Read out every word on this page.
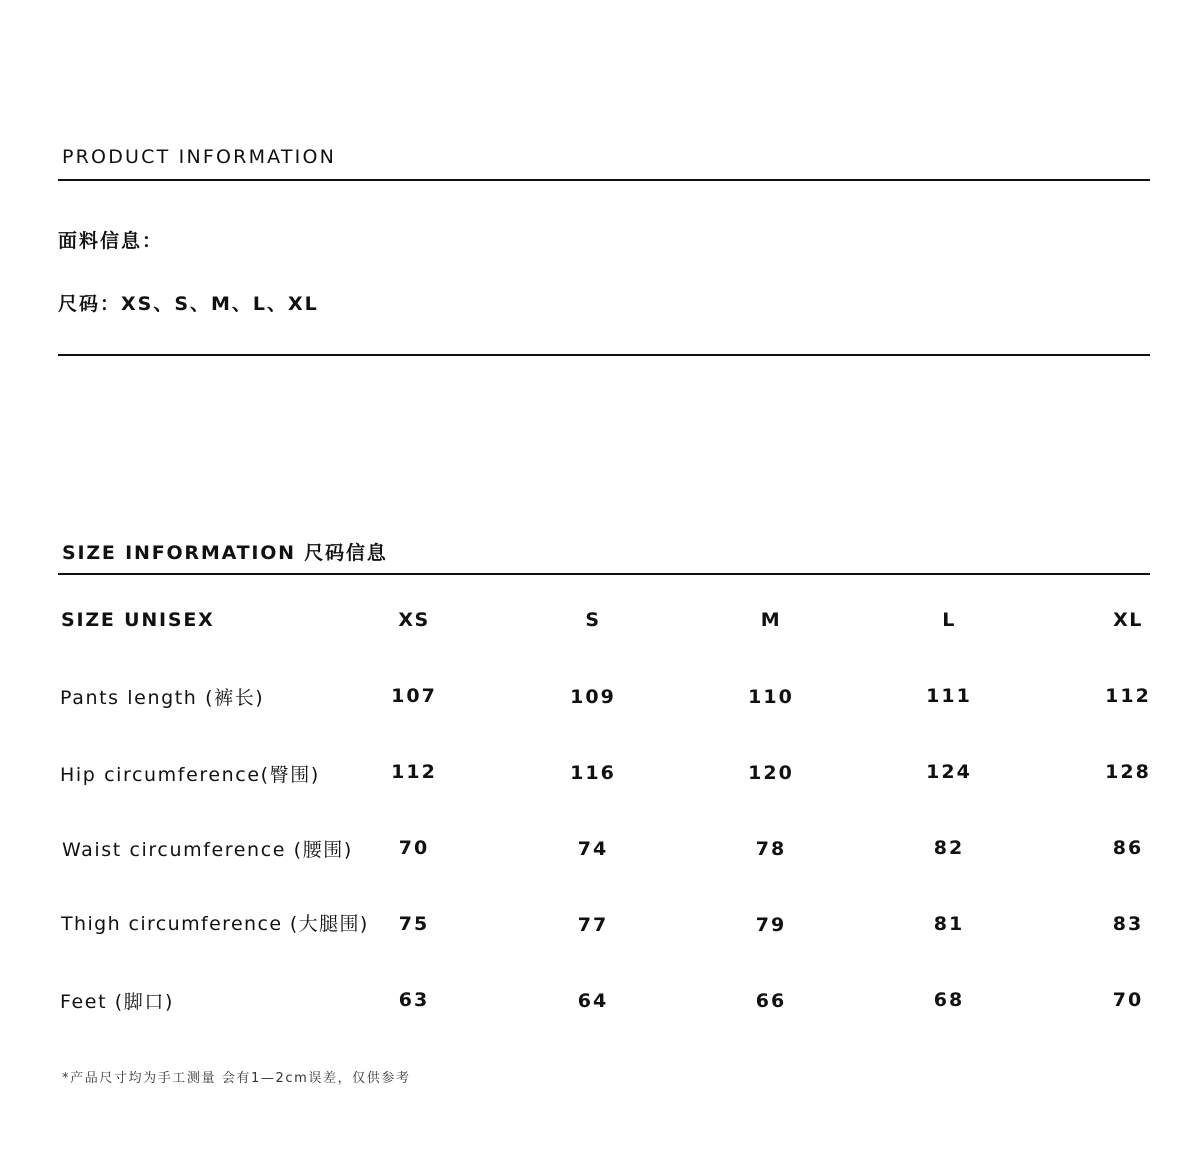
PRODUCT INFORMATION
面料信息：
尺码：XS、S、M、L、XL
SIZE INFORMATION 尺码信息
SIZE UNISEX	XS	S	M	L	XL
Pants length (裤长)	107	109	110	111	112
Hip circumference(臀围)	112	116	120	124	128
Waist circumference (腰围)	70	74	78	82	86
Thigh circumference (大腿围)	75	77	79	81	83
Feet (脚口)	63	64	66	68	70
*产品尺寸均为手工测量 会有1—2cm误差，仅供参考
